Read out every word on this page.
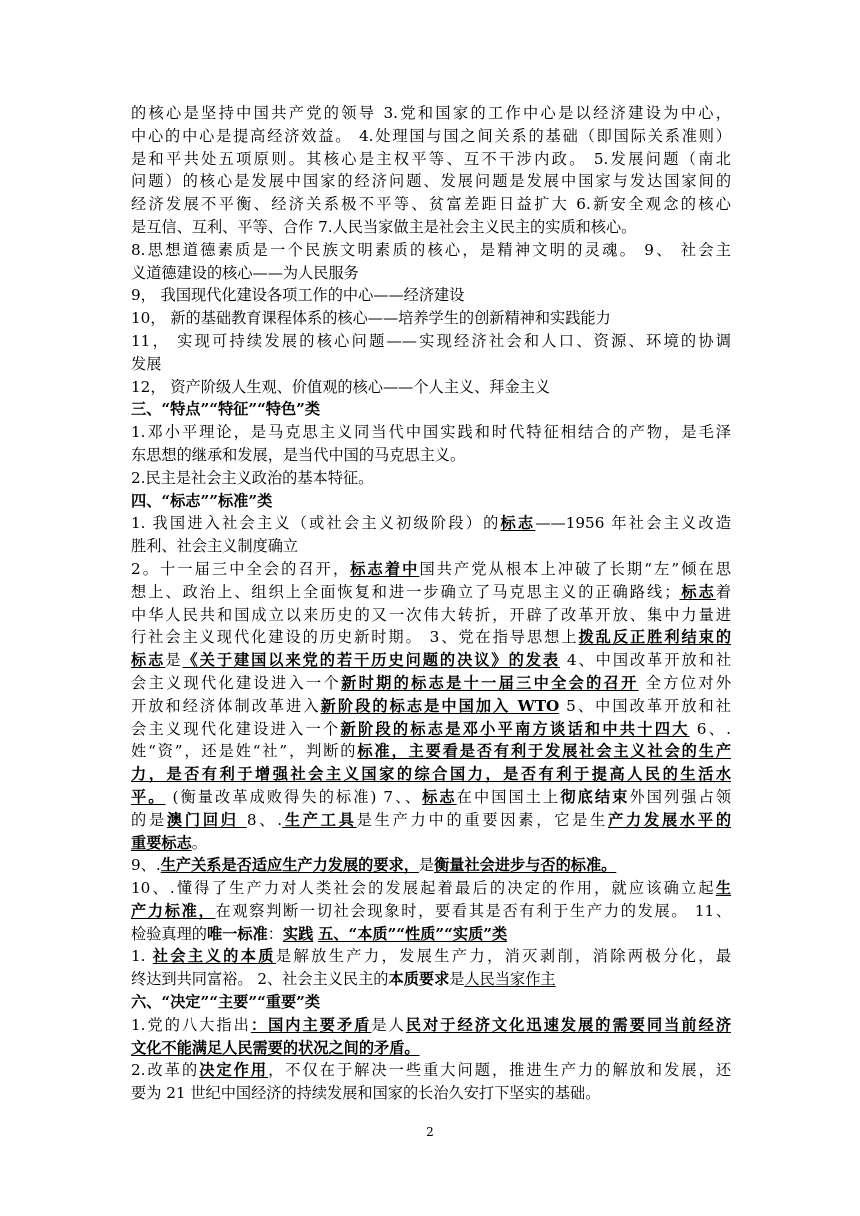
的核心是坚持中国共产党的领导 3.党和国家的工作中心是以经济建设为中心，
中心的中心是提高经济效益。 4.处理国与国之间关系的基础（即国际关系准则）
是和平共处五项原则。其核心是主权平等、互不干涉内政。 5.发展问题（南北
问题）的核心是发展中国家的经济问题、发展问题是发展中国家与发达国家间的
经济发展不平衡、经济关系极不平等、贫富差距日益扩大 6.新安全观念的核心
是互信、互利、平等、合作 7.人民当家做主是社会主义民主的实质和核心。
8.思想道德素质是一个民族文明素质的核心，是精神文明的灵魂。 9、 社会主
义道德建设的核心——为人民服务
9， 我国现代化建设各项工作的中心——经济建设
10， 新的基础教育课程体系的核心——培养学生的创新精神和实践能力
11， 实现可持续发展的核心问题——实现经济社会和人口、资源、环境的协调
发展
12， 资产阶级人生观、价值观的核心——个人主义、拜金主义
三、“特点”“特征”“特色”类
1.邓小平理论，是马克思主义同当代中国实践和时代特征相结合的产物，是毛泽
东思想的继承和发展，是当代中国的马克思主义。
2.民主是社会主义政治的基本特征。
四、“标志””标准”类
1. 我国进入社会主义（或社会主义初级阶段）的标志——1956 年社会主义改造
胜利、社会主义制度确立
2。十一届三中全会的召开，标志着中国共产党从根本上冲破了长期“左”倾在思
想上、政治上、组织上全面恢复和进一步确立了马克思主义的正确路线；标志着
中华人民共和国成立以来历史的又一次伟大转折，开辟了改革开放、集中力量进
行社会主义现代化建设的历史新时期。 3、党在指导思想上拨乱反正胜利结束的
标志是《关于建国以来党的若干历史问题的决议》的发表 4、中国改革开放和社
会主义现代化建设进入一个新时期的标志是十一届三中全会的召开 全方位对外
开放和经济体制改革进入新阶段的标志是中国加入 WTO 5、中国改革开放和社
会主义现代化建设进入一个新阶段的标志是邓小平南方谈话和中共十四大 6、.
姓“资”，还是姓“社”，判断的标准，主要看是否有利于发展社会主义社会的生产
力，是否有利于增强社会主义国家的综合国力，是否有利于提高人民的生活水
平。 (衡量改革成败得失的标准) 7、、标志在中国国土上彻底结束外国列强占领
的是澳门回归 8、.生产工具是生产力中的重要因素，它是生产力发展水平的
重要标志。
9、.生产关系是否适应生产力发展的要求，是衡量社会进步与否的标准。
10、.懂得了生产力对人类社会的发展起着最后的决定的作用，就应该确立起生
产力标准，在观察判断一切社会现象时，要看其是否有利于生产力的发展。 11、
检验真理的唯一标准：实践 五、“本质”“性质”“实质”类
1. 社会主义的本质是解放生产力，发展生产力，消灭剥削，消除两极分化，最
终达到共同富裕。 2、社会主义民主的本质要求是人民当家作主
六、“决定”“主要”“重要”类
1.党的八大指出：国内主要矛盾是人民对于经济文化迅速发展的需要同当前经济
文化不能满足人民需要的状况之间的矛盾。
2.改革的决定作用，不仅在于解决一些重大问题，推进生产力的解放和发展，还
要为 21 世纪中国经济的持续发展和国家的长治久安打下坚实的基础。
2
